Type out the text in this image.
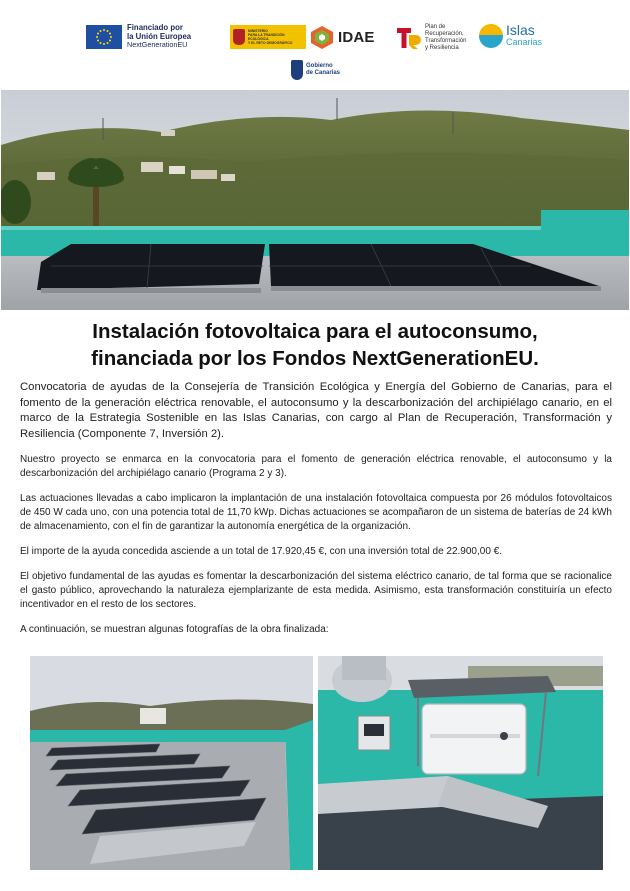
Financiado por
la Unión Europea
NextGenerationEU
MINISTERIO
PARA LA TRANSICIÓN ECOLÓGICA
Y EL RETO DEMOGRÁFICO	IDAE
Plan de
Recuperación,
Transformación
y Resiliencia
Islas
Canarias
Gobierno
de Canarias
Instalación fotovoltaica para el autoconsumo,
financiada por los Fondos NextGenerationEU.

Convocatoria de ayudas de la Consejería de Transición Ecológica y Energía del Gobierno de Canarias, para el fomento de la generación eléctrica renovable, el autoconsumo y la descarbonización del archipiélago canario, en el marco de la Estrategia Sostenible en las Islas Canarias, con cargo al Plan de Recuperación, Transformación y Resiliencia (Componente 7, Inversión 2).

Nuestro proyecto se enmarca en la convocatoria para el fomento de generación eléctrica renovable, el autoconsumo y la descarbonización del archipiélago canario (Programa 2 y 3).

Las actuaciones llevadas a cabo implicaron la implantación de una instalación fotovoltaica compuesta por 26 módulos fotovoltaicos de 450 W cada uno, con una potencia total de 11,70 kWp. Dichas actuaciones se acompañaron de un sistema de baterías de 24 kWh de almacenamiento, con el fin de garantizar la autonomía energética de la organización.

El importe de la ayuda concedida asciende a un total de 17.920,45 €, con una inversión total de 22.900,00 €.

El objetivo fundamental de las ayudas es fomentar la descarbonización del sistema eléctrico canario, de tal forma que se racionalice el gasto público, aprovechando la naturaleza ejemplarizante de esta medida. Asimismo, esta transformación constituiría un efecto incentivador en el resto de los sectores.

A continuación, se muestran algunas fotografías de la obra finalizada:
